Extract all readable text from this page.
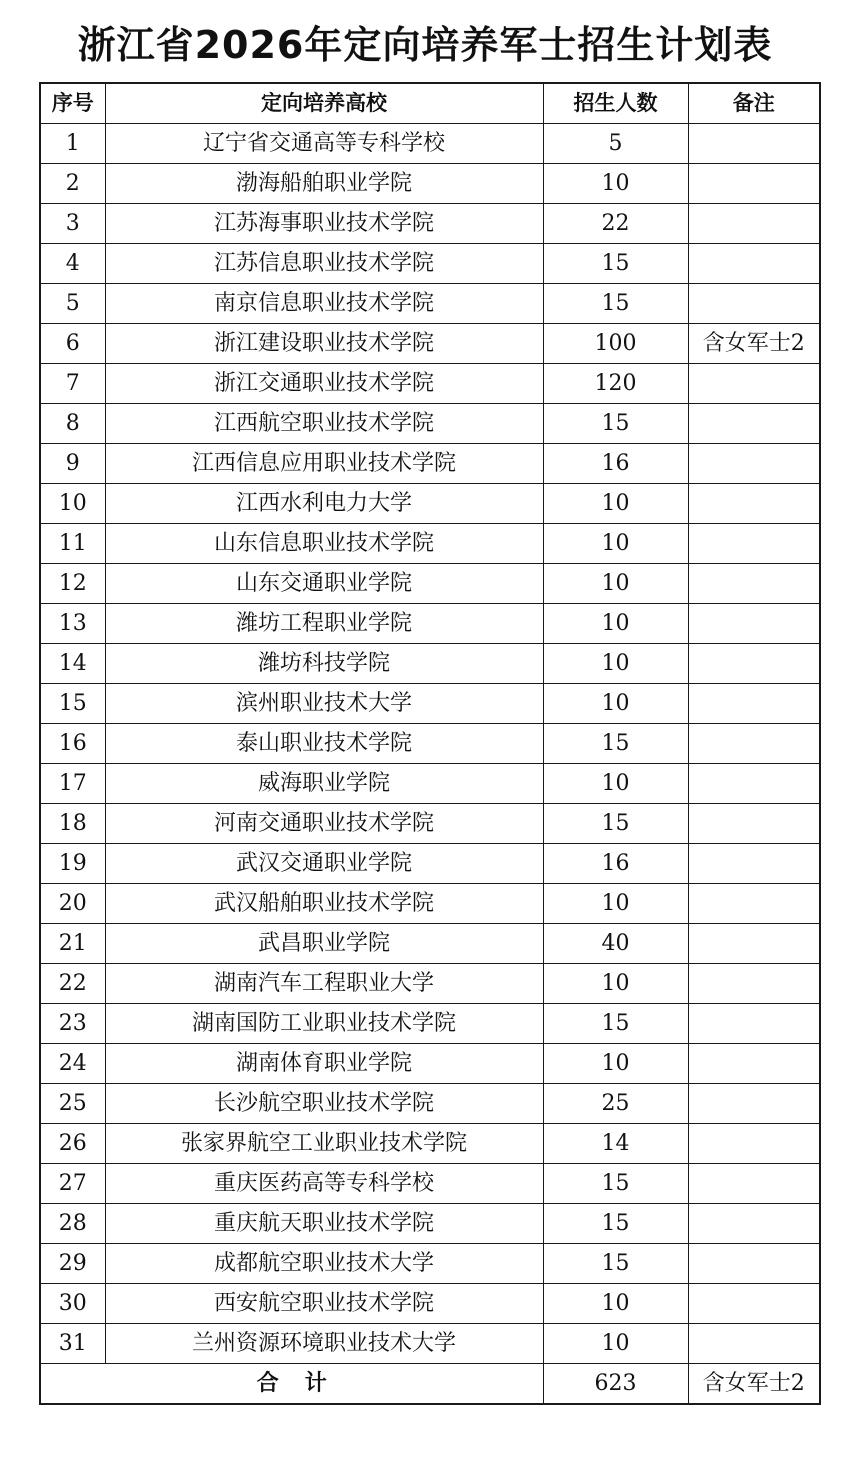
浙江省2026年定向培养军士招生计划表
序号	定向培养高校	招生人数	备注
1	辽宁省交通高等专科学校	5	
2	渤海船舶职业学院	10	
3	江苏海事职业技术学院	22	
4	江苏信息职业技术学院	15	
5	南京信息职业技术学院	15	
6	浙江建设职业技术学院	100	含女军士2
7	浙江交通职业技术学院	120	
8	江西航空职业技术学院	15	
9	江西信息应用职业技术学院	16	
10	江西水利电力大学	10	
11	山东信息职业技术学院	10	
12	山东交通职业学院	10	
13	潍坊工程职业学院	10	
14	潍坊科技学院	10	
15	滨州职业技术大学	10	
16	泰山职业技术学院	15	
17	威海职业学院	10	
18	河南交通职业技术学院	15	
19	武汉交通职业学院	16	
20	武汉船舶职业技术学院	10	
21	武昌职业学院	40	
22	湖南汽车工程职业大学	10	
23	湖南国防工业职业技术学院	15	
24	湖南体育职业学院	10	
25	长沙航空职业技术学院	25	
26	张家界航空工业职业技术学院	14	
27	重庆医药高等专科学校	15	
28	重庆航天职业技术学院	15	
29	成都航空职业技术大学	15	
30	西安航空职业技术学院	10	
31	兰州资源环境职业技术大学	10	
合计		623	含女军士2
